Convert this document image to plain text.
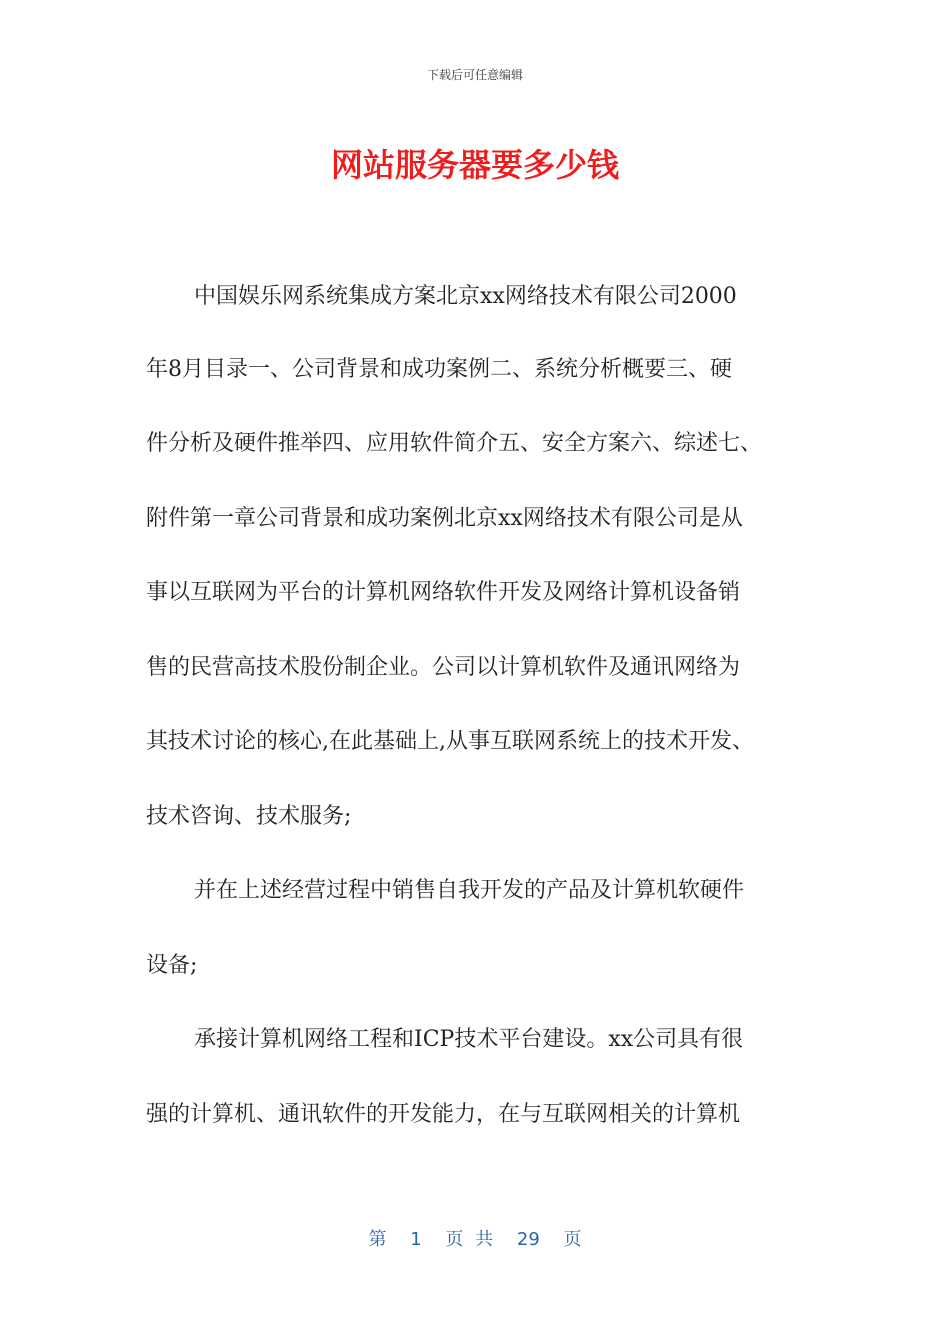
下载后可任意编辑
网站服务器要多少钱
中国娱乐网系统集成方案北京xx网络技术有限公司2000
年8月目录一、公司背景和成功案例二、系统分析概要三、硬
件分析及硬件推举四、应用软件简介五、安全方案六、综述七、
附件第一章公司背景和成功案例北京xx网络技术有限公司是从
事以互联网为平台的计算机网络软件开发及网络计算机设备销
售的民营高技术股份制企业。公司以计算机软件及通讯网络为
其技术讨论的核心,在此基础上,从事互联网系统上的技术开发、
技术咨询、技术服务;
并在上述经营过程中销售自我开发的产品及计算机软硬件
设备;
承接计算机网络工程和ICP技术平台建设。xx公司具有很
强的计算机、通讯软件的开发能力，在与互联网相关的计算机
第 1 页 共 29 页
